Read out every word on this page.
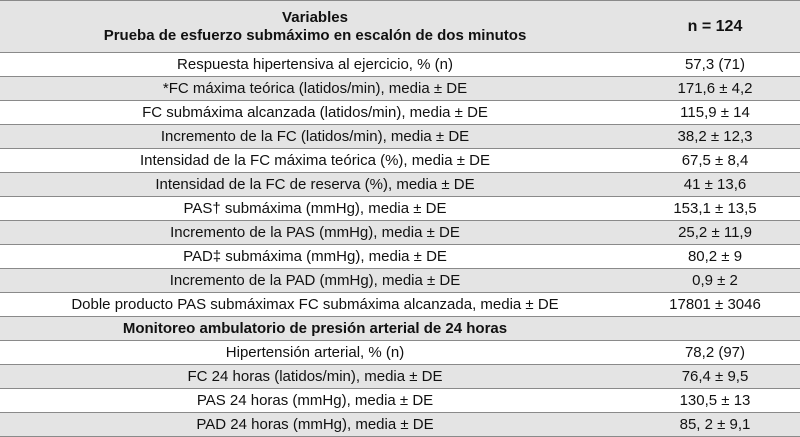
Variables
Prueba de esfuerzo submáximo en escalón de dos minutos
n = 124
Respuesta hipertensiva al ejercicio, % (n)	57,3 (71)
*FC máxima teórica (latidos/min), media ± DE	171,6 ± 4,2
FC submáxima alcanzada (latidos/min), media ± DE	115,9 ± 14
Incremento de la FC (latidos/min), media ± DE	38,2 ± 12,3
Intensidad de la FC máxima teórica (%), media ± DE	67,5 ± 8,4
Intensidad de la FC de reserva (%), media ± DE	41 ± 13,6
PAS† submáxima (mmHg), media ± DE	153,1 ± 13,5
Incremento de la PAS (mmHg), media ± DE	25,2 ± 11,9
PAD‡ submáxima (mmHg), media ± DE	80,2 ± 9
Incremento de la PAD (mmHg), media ± DE	0,9 ± 2
Doble producto PAS submáximax FC submáxima alcanzada, media ± DE	17801 ± 3046
Monitoreo ambulatorio de presión arterial de 24 horas
Hipertensión arterial, % (n)	78,2 (97)
FC 24 horas (latidos/min), media ± DE	76,4 ± 9,5
PAS 24 horas (mmHg), media ± DE	130,5 ± 13
PAD 24 horas (mmHg), media ± DE	85, 2 ± 9,1
